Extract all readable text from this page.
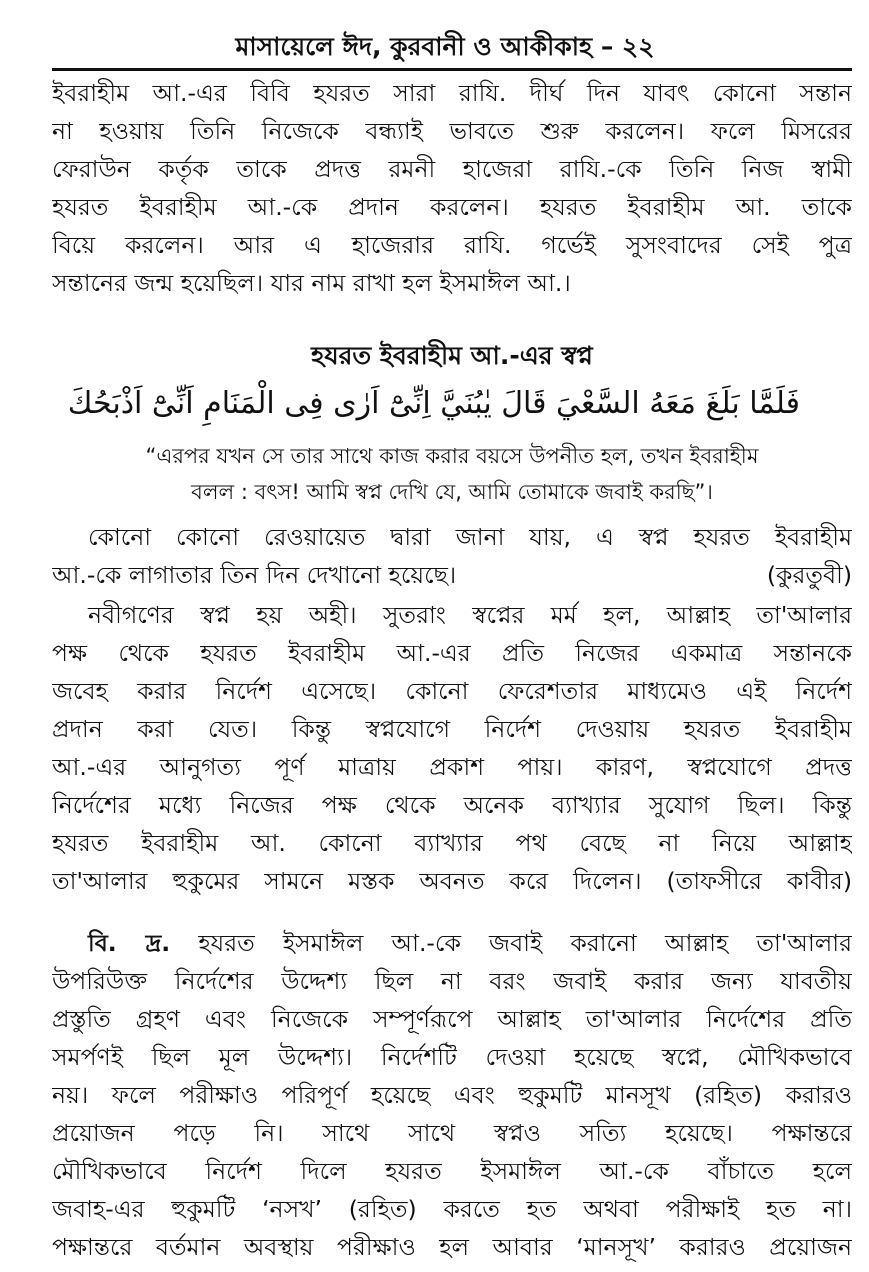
মাসায়েলে ঈদ, কুরবানী ও আকীকাহ – ২২
ইবরাহীম আ.-এর বিবি হযরত সারা রাযি. দীর্ঘ দিন যাবৎ কোনো সন্তান
না হওয়ায় তিনি নিজেকে বন্ধ্যাই ভাবতে শুরু করলেন। ফলে মিসরের
ফেরাউন কর্তৃক তাকে প্রদত্ত রমনী হাজেরা রাযি.-কে তিনি নিজ স্বামী
হযরত ইবরাহীম আ.-কে প্রদান করলেন। হযরত ইবরাহীম আ. তাকে
বিয়ে করলেন। আর এ হাজেরার রাযি. গর্ভেই সুসংবাদের সেই পুত্র
সন্তানের জন্ম হয়েছিল। যার নাম রাখা হল ইসমাঈল আ.।
হযরত ইবরাহীম আ.-এর স্বপ্ন
فَلَمَّا بَلَغَ مَعَهُ السَّعْيَ قَالَ يٰبُنَيَّ اِنِّىْٓ اَرٰى فِى الْمَنَامِ اَنِّىْٓ اَذْبَحُكَ
“এরপর যখন সে তার সাথে কাজ করার বয়সে উপনীত হল, তখন ইবরাহীম
বলল : বৎস! আমি স্বপ্ন দেখি যে, আমি তোমাকে জবাই করছি”।
কোনো কোনো রেওয়ায়েত দ্বারা জানা যায়, এ স্বপ্ন হযরত ইবরাহীম
আ.-কে লাগাতার তিন দিন দেখানো হয়েছে।	(কুরতুবী)
নবীগণের স্বপ্ন হয় অহী। সুতরাং স্বপ্নের মর্ম হল, আল্লাহ তা'আলার
পক্ষ থেকে হযরত ইবরাহীম আ.-এর প্রতি নিজের একমাত্র সন্তানকে
জবেহ করার নির্দেশ এসেছে। কোনো ফেরেশতার মাধ্যমেও এই নির্দেশ
প্রদান করা যেত। কিন্তু স্বপ্নযোগে নির্দেশ দেওয়ায় হযরত ইবরাহীম
আ.-এর আনুগত্য পূর্ণ মাত্রায় প্রকাশ পায়। কারণ, স্বপ্নযোগে প্রদত্ত
নির্দেশের মধ্যে নিজের পক্ষ থেকে অনেক ব্যাখ্যার সুযোগ ছিল। কিন্তু
হযরত ইবরাহীম আ. কোনো ব্যাখ্যার পথ বেছে না নিয়ে আল্লাহ
তা'আলার হুকুমের সামনে মস্তক অবনত করে দিলেন। (তাফসীরে কাবীর)
বি. দ্র. হযরত ইসমাঈল আ.-কে জবাই করানো আল্লাহ তা'আলার
উপরিউক্ত নির্দেশের উদ্দেশ্য ছিল না বরং জবাই করার জন্য যাবতীয়
প্রস্তুতি গ্রহণ এবং নিজেকে সম্পূর্ণরূপে আল্লাহ তা'আলার নির্দেশের প্রতি
সমর্পণই ছিল মূল উদ্দেশ্য। নির্দেশটি দেওয়া হয়েছে স্বপ্নে, মৌখিকভাবে
নয়। ফলে পরীক্ষাও পরিপূর্ণ হয়েছে এবং হুকুমটি মানসূখ (রহিত) করারও
প্রয়োজন পড়ে নি। সাথে সাথে স্বপ্নও সত্যি হয়েছে। পক্ষান্তরে
মৌখিকভাবে নির্দেশ দিলে হযরত ইসমাঈল আ.-কে বাঁচাতে হলে
জবাহ-এর হুকুমটি ‘নসখ’ (রহিত) করতে হত অথবা পরীক্ষাই হত না।
পক্ষান্তরে বর্তমান অবস্থায় পরীক্ষাও হল আবার ‘মানসূখ’ করারও প্রয়োজন
